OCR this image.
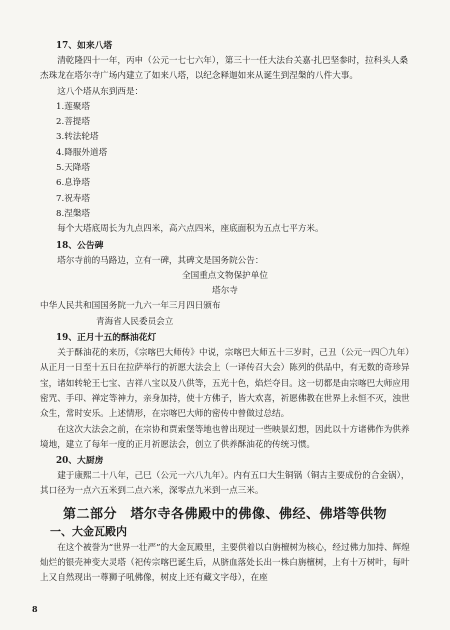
17、如来八塔

清乾隆四十一年，丙申（公元一七七六年），第三十一任大法台关嘉·扎巴坚参时，拉科头人桑杰珠龙在塔尔寺广场内建立了如来八塔，以纪念释迦如来从诞生到涅槃的八件大事。

这八个塔从东到西是：

1.莲聚塔

2.菩提塔

3.转法轮塔

4.降服外道塔

5.天降塔

6.息诤塔

7.祝寿塔

8.涅槃塔

每个大塔底周长为九点四米，高六点四米，座底面积为五点七平方米。

18、公告碑

塔尔寺前的马路边，立有一碑，其碑文是国务院公告：

全国重点文物保护单位

塔尔寺

中华人民共和国国务院一九六一年三月四日颁布

青海省人民委员会立

19、正月十五的酥油花灯

关于酥油花的来历，《宗喀巴大师传》中说，宗喀巴大师五十三岁时，己丑（公元一四〇九年）从正月一日至十五日在拉萨举行的祈愿大法会上（一译传召大会）陈列的供品中，有无数的奇珍异宝，诸如转轮王七宝、吉祥八宝以及八供等，五光十色，焰烂夺目。这一切都是由宗喀巴大师应用密咒、手印、禅定等神力，亲身加持，使十方佛子，皆大欢喜，祈愿佛教在世界上永恒不灭，浊世众生，常时安乐。上述情形，在宗喀巴大师的密传中曾做过总结。

在这次大法会之前，在宗协和贾索堡等地也曾出现过一些映景幻想，因此以十方诸佛作为供养境地，建立了每年一度的正月祈愿法会，创立了供养酥油花的传统习惯。

20、大厨房

建于康熙二十八年，己巳（公元一六八九年）。内有五口大生铜锅（铜古主要成份的合金锅），其口径为一点六五米到二点六米，深零点九米到一点三米。

第二部分　塔尔寺各佛殿中的佛像、佛经、佛塔等供物

一、大金瓦殿内

在这个被誉为“世界一壮严”的大金瓦殿里，主要供着以白旃檀树为核心，经过佛力加持、辉煌灿烂的银壳神变大灵塔（祀传宗喀巴诞生后，从脐血落处长出一株白旃檀树，上有十万树叶，每叶上又自然现出一尊狮子吼佛像，树皮上还有藏文字母），在座

8
